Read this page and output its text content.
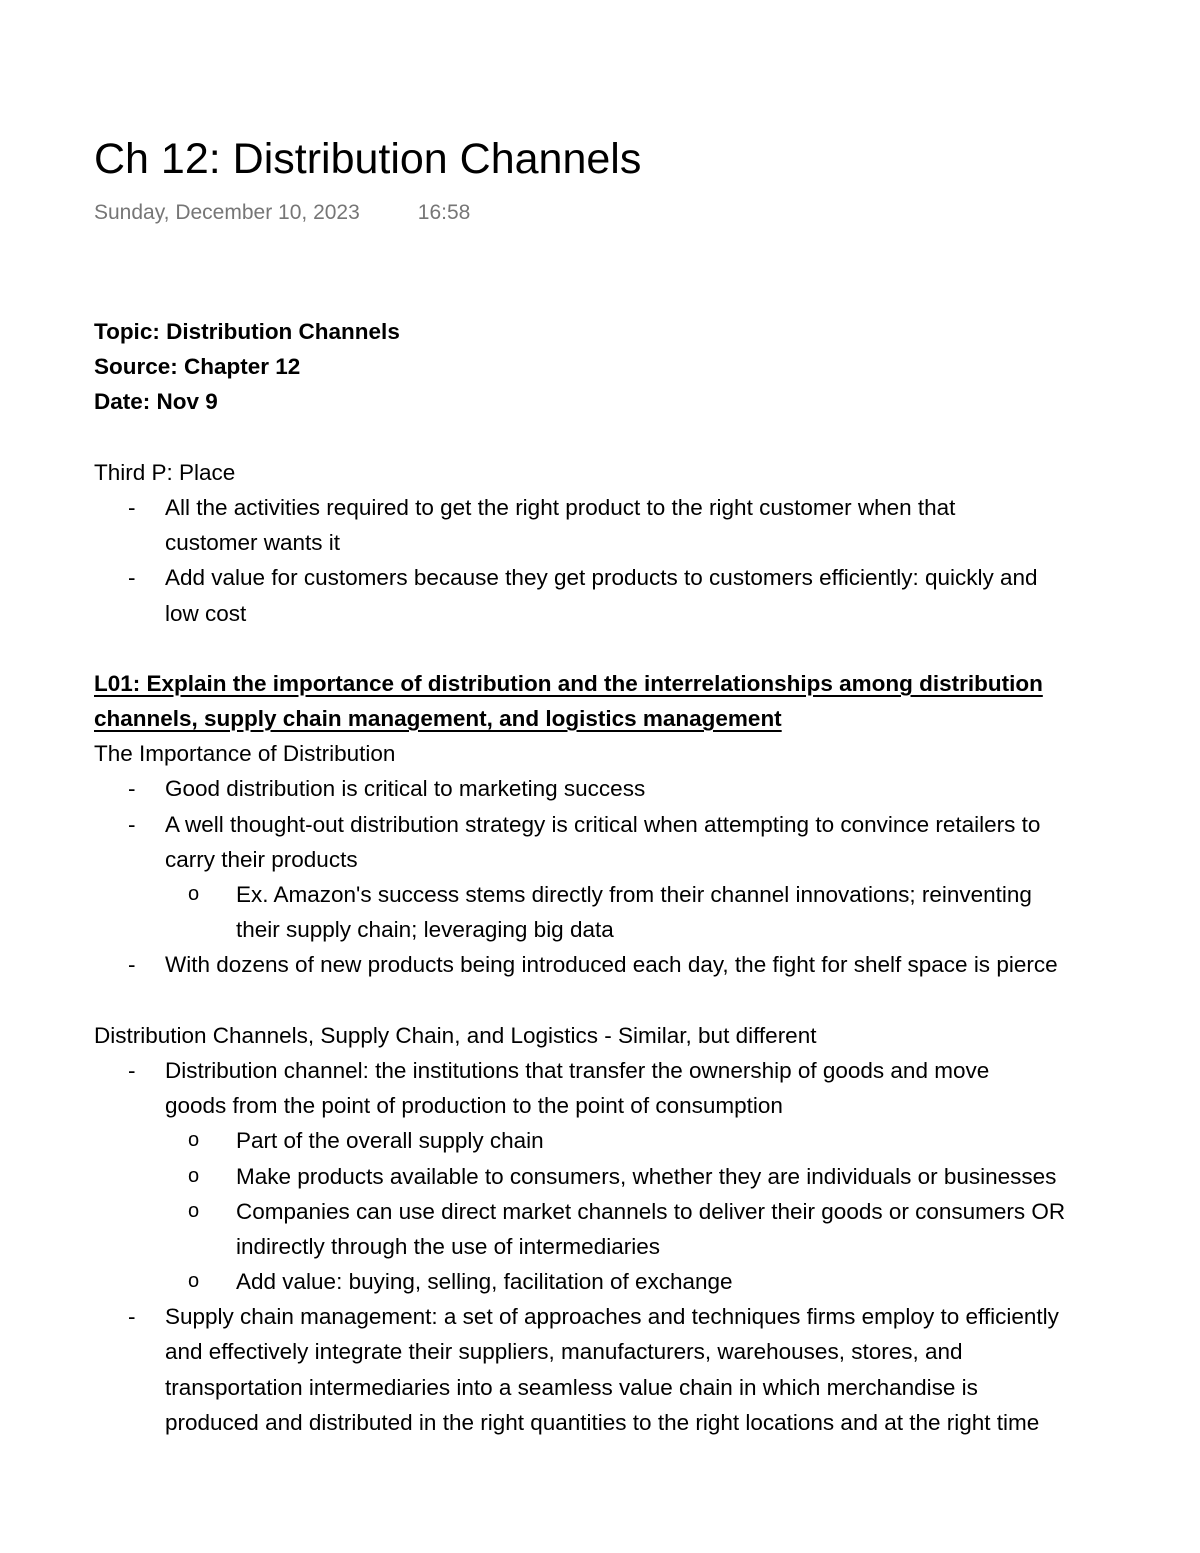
Ch 12: Distribution Channels
Sunday, December 10, 2023	16:58
Topic: Distribution Channels
Source: Chapter 12
Date: Nov 9
Third P: Place
- All the activities required to get the right product to the right customer when that
customer wants it
- Add value for customers because they get products to customers efficiently: quickly and
low cost
L01: Explain the importance of distribution and the interrelationships among distribution
channels, supply chain management, and logistics management
The Importance of Distribution
- Good distribution is critical to marketing success
- A well thought-out distribution strategy is critical when attempting to convince retailers to
carry their products
o Ex. Amazon's success stems directly from their channel innovations; reinventing
their supply chain; leveraging big data
- With dozens of new products being introduced each day, the fight for shelf space is pierce
Distribution Channels, Supply Chain, and Logistics - Similar, but different
- Distribution channel: the institutions that transfer the ownership of goods and move
goods from the point of production to the point of consumption
o Part of the overall supply chain
o Make products available to consumers, whether they are individuals or businesses
o Companies can use direct market channels to deliver their goods or consumers OR
indirectly through the use of intermediaries
o Add value: buying, selling, facilitation of exchange
- Supply chain management: a set of approaches and techniques firms employ to efficiently
and effectively integrate their suppliers, manufacturers, warehouses, stores, and
transportation intermediaries into a seamless value chain in which merchandise is
produced and distributed in the right quantities to the right locations and at the right time
